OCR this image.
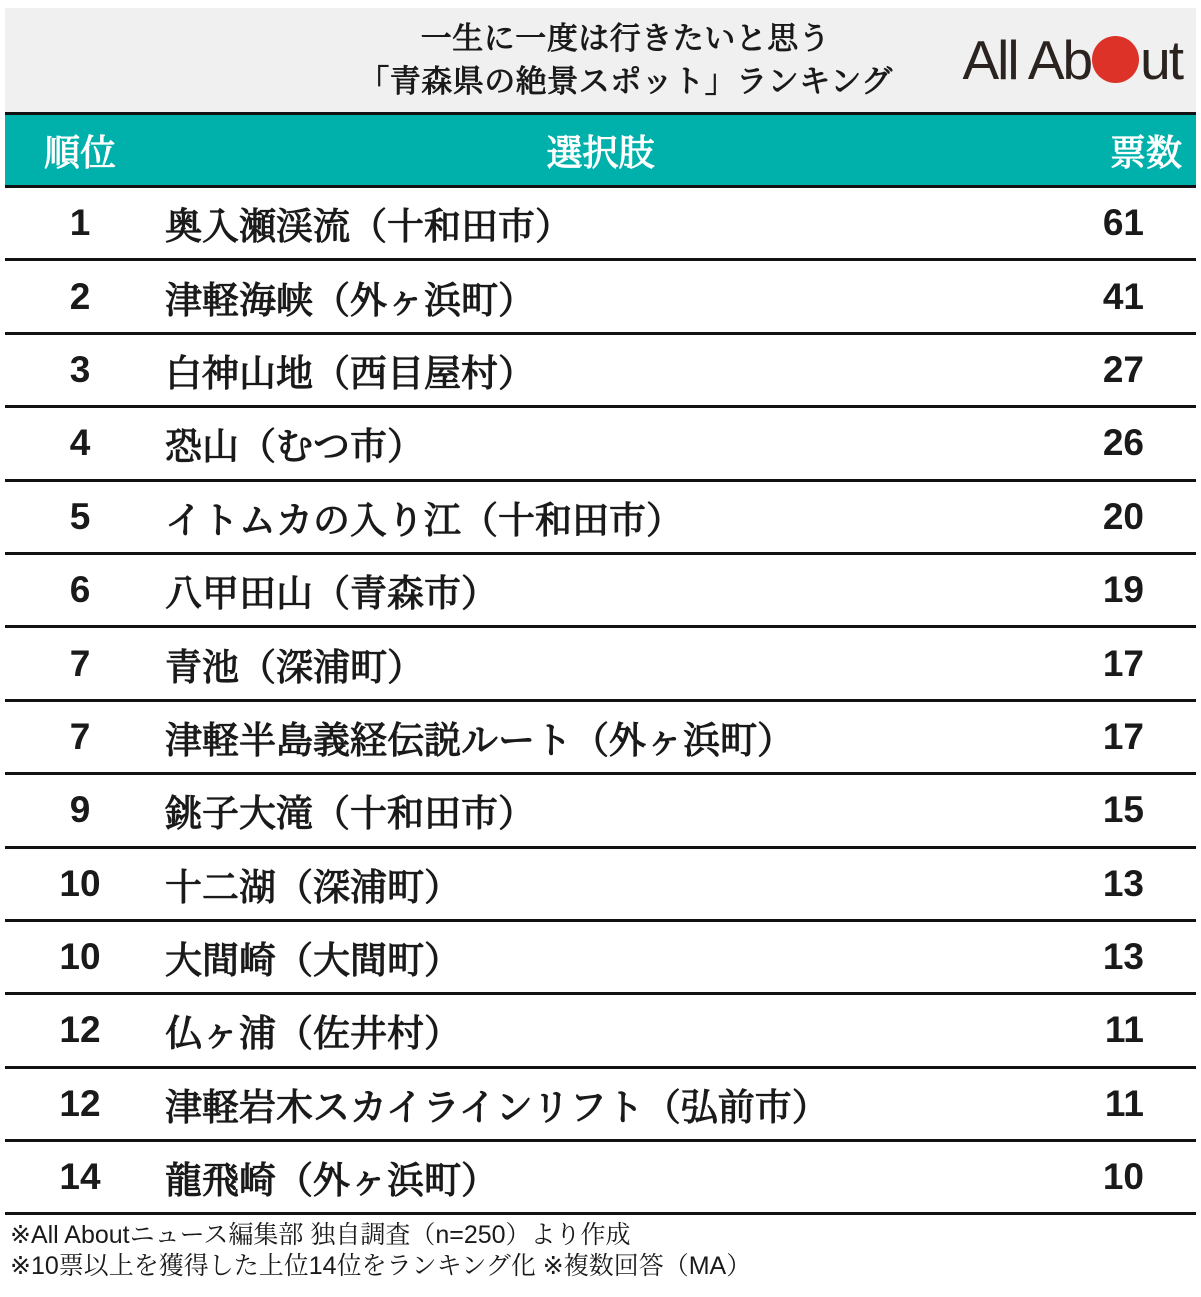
一生に一度は行きたいと思う
「青森県の絶景スポット」ランキング All Ab ut
順位	選択肢	票数
1	奥入瀬渓流（十和田市）	61
2	津軽海峡（外ヶ浜町）	41
3	白神山地（西目屋村）	27
4	恐山（むつ市）	26
5	イトムカの入り江（十和田市）	20
6	八甲田山（青森市）	19
7	青池（深浦町）	17
7	津軽半島義経伝説ルート（外ヶ浜町）	17
9	銚子大滝（十和田市）	15
10	十二湖（深浦町）	13
10	大間崎（大間町）	13
12	仏ヶ浦（佐井村）	11
12	津軽岩木スカイラインリフト（弘前市）	11
14	龍飛崎（外ヶ浜町）	10
※All Aboutニュース編集部 独自調査（n=250）より作成
※10票以上を獲得した上位14位をランキング化 ※複数回答（MA）
